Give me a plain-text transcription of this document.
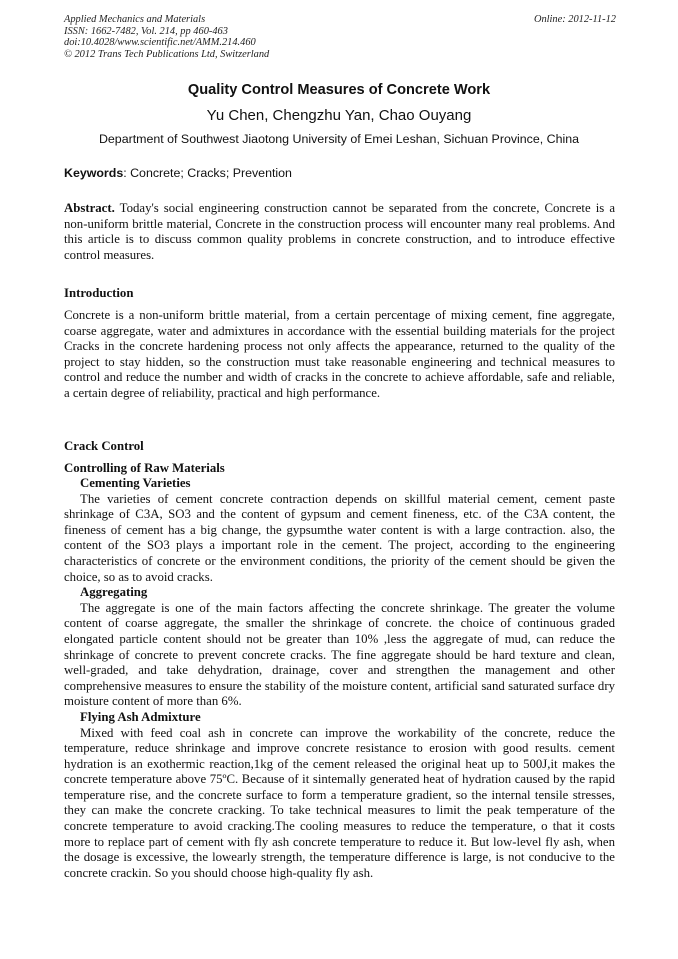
Applied Mechanics and Materials
ISSN: 1662-7482, Vol. 214, pp 460-463
doi:10.4028/www.scientific.net/AMM.214.460
© 2012 Trans Tech Publications Ltd, Switzerland
Online: 2012-11-12
Quality Control Measures of Concrete Work
Yu Chen, Chengzhu Yan, Chao Ouyang
Department of Southwest Jiaotong University of Emei Leshan, Sichuan Province, China
Keywords: Concrete; Cracks; Prevention
Abstract. Today's social engineering construction cannot be separated from the concrete, Concrete is a non-uniform brittle material, Concrete in the construction process will encounter many real problems. And this article is to discuss common quality problems in concrete construction, and to introduce effective control measures.
Introduction
Concrete is a non-uniform brittle material, from a certain percentage of mixing cement, fine aggregate, coarse aggregate, water and admixtures in accordance with the essential building materials for the project Cracks in the concrete hardening process not only affects the appearance, returned to the quality of the project to stay hidden, so the construction must take reasonable engineering and technical measures to control and reduce the number and width of cracks in the concrete to achieve affordable, safe and reliable, a certain degree of reliability, practical and high performance.
Crack Control
Controlling of Raw Materials
Cementing Varieties

The varieties of cement concrete contraction depends on skillful material cement, cement paste shrinkage of C3A, SO3 and the content of gypsum and cement fineness, etc. of the C3A content, the fineness of cement has a big change, the gypsumthe water content is with a large contraction. also, the content of the SO3 plays a important role in the cement. The project, according to the engineering characteristics of concrete or the environment conditions, the priority of the cement should be given the choice, so as to avoid cracks.

Aggregating

The aggregate is one of the main factors affecting the concrete shrinkage. The greater the volume content of coarse aggregate, the smaller the shrinkage of concrete. the choice of continuous graded elongated particle content should not be greater than 10% ,less the aggregate of mud, can reduce the shrinkage of concrete to prevent concrete cracks. The fine aggregate should be hard texture and clean, well-graded, and take dehydration, drainage, cover and strengthen the management and other comprehensive measures to ensure the stability of the moisture content, artificial sand saturated surface dry moisture content of more than 6%.

Flying Ash Admixture

Mixed with feed coal ash in concrete can improve the workability of the concrete, reduce the temperature, reduce shrinkage and improve concrete resistance to erosion with good results. cement hydration is an exothermic reaction,1kg of the cement released the original heat up to 500J,it makes the concrete temperature above 75ºC. Because of it sintemally generated heat of hydration caused by the rapid temperature rise, and the concrete surface to form a temperature gradient, so the internal tensile stresses, they can make the concrete cracking. To take technical measures to limit the peak temperature of the concrete temperature to avoid cracking.The cooling measures to reduce the temperature, o that it costs more to replace part of cement with fly ash concrete temperature to reduce it. But low-level fly ash, when the dosage is excessive, the lowearly strength, the temperature difference is large, is not conducive to the concrete crackin. So you should choose high-quality fly ash.
